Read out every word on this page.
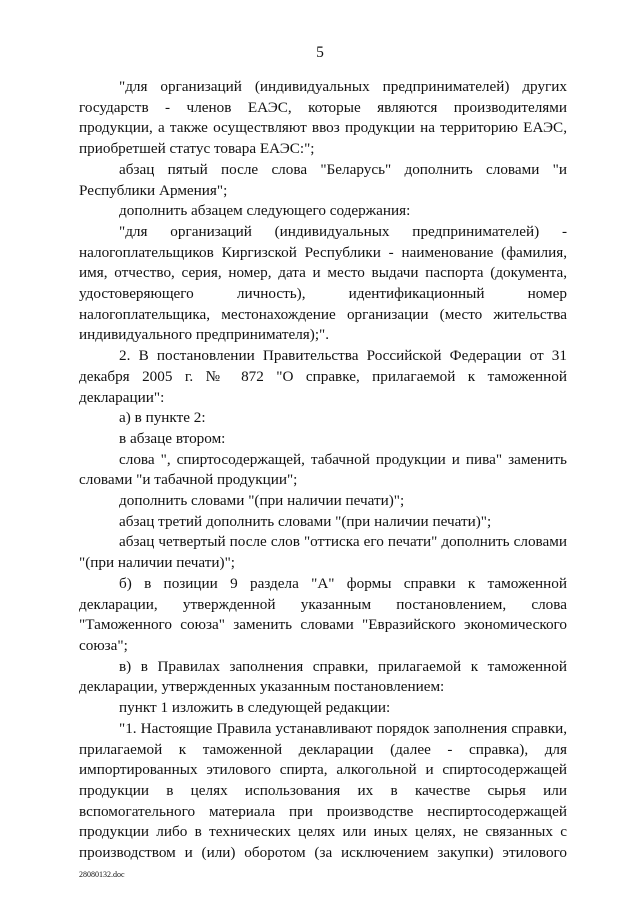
5

"для организаций (индивидуальных предпринимателей) других государств - членов ЕАЭС, которые являются производителями продукции, а также осуществляют ввоз продукции на территорию ЕАЭС, приобретшей статус товара ЕАЭС:";

абзац пятый после слова "Беларусь" дополнить словами "и Республики Армения";

дополнить абзацем следующего содержания:

"для организаций (индивидуальных предпринимателей) - налогоплательщиков Киргизской Республики - наименование (фамилия, имя, отчество, серия, номер, дата и место выдачи паспорта (документа, удостоверяющего личность), идентификационный номер налогоплательщика, местонахождение организации (место жительства индивидуального предпринимателя);".

2. В постановлении Правительства Российской Федерации от 31 декабря 2005 г. № 872 "О справке, прилагаемой к таможенной декларации":

а) в пункте 2:

в абзаце втором:

слова ", спиртосодержащей, табачной продукции и пива" заменить словами "и табачной продукции";

дополнить словами "(при наличии печати)";

абзац третий дополнить словами "(при наличии печати)";

абзац четвертый после слов "оттиска его печати" дополнить словами "(при наличии печати)";

б) в позиции 9 раздела "А" формы справки к таможенной декларации, утвержденной указанным постановлением, слова "Таможенного союза" заменить словами "Евразийского экономического союза";

в) в Правилах заполнения справки, прилагаемой к таможенной декларации, утвержденных указанным постановлением:

пункт 1 изложить в следующей редакции:

"1. Настоящие Правила устанавливают порядок заполнения справки, прилагаемой к таможенной декларации (далее - справка), для импортированных этилового спирта, алкогольной и спиртосодержащей продукции в целях использования их в качестве сырья или вспомогательного материала при производстве неспиртосодержащей продукции либо в технических целях или иных целях, не связанных с производством и (или) оборотом (за исключением закупки) этилового

28080132.doc
